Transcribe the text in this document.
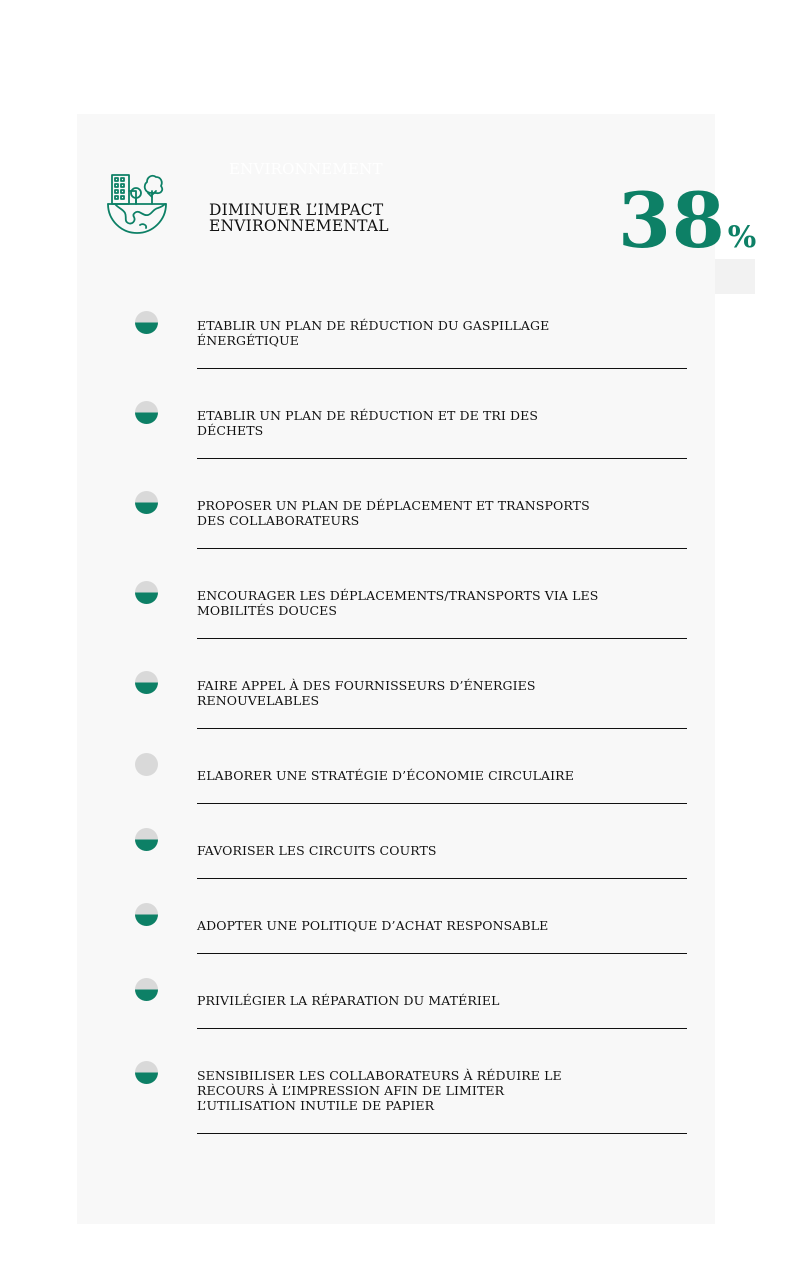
ENVIRONNEMENT
DIMINUER L’IMPACT
ENVIRONNEMENTAL	38%
ETABLIR UN PLAN DE RÉDUCTION DU GASPILLAGE
ÉNERGÉTIQUE
ETABLIR UN PLAN DE RÉDUCTION ET DE TRI DES
DÉCHETS
PROPOSER UN PLAN DE DÉPLACEMENT ET TRANSPORTS
DES COLLABORATEURS
ENCOURAGER LES DÉPLACEMENTS/TRANSPORTS VIA LES
MOBILITÉS DOUCES
FAIRE APPEL À DES FOURNISSEURS D’ÉNERGIES
RENOUVELABLES
ELABORER UNE STRATÉGIE D’ÉCONOMIE CIRCULAIRE
FAVORISER LES CIRCUITS COURTS
ADOPTER UNE POLITIQUE D’ACHAT RESPONSABLE
PRIVILÉGIER LA RÉPARATION DU MATÉRIEL
SENSIBILISER LES COLLABORATEURS À RÉDUIRE LE
RECOURS À L’IMPRESSION AFIN DE LIMITER
L’UTILISATION INUTILE DE PAPIER
